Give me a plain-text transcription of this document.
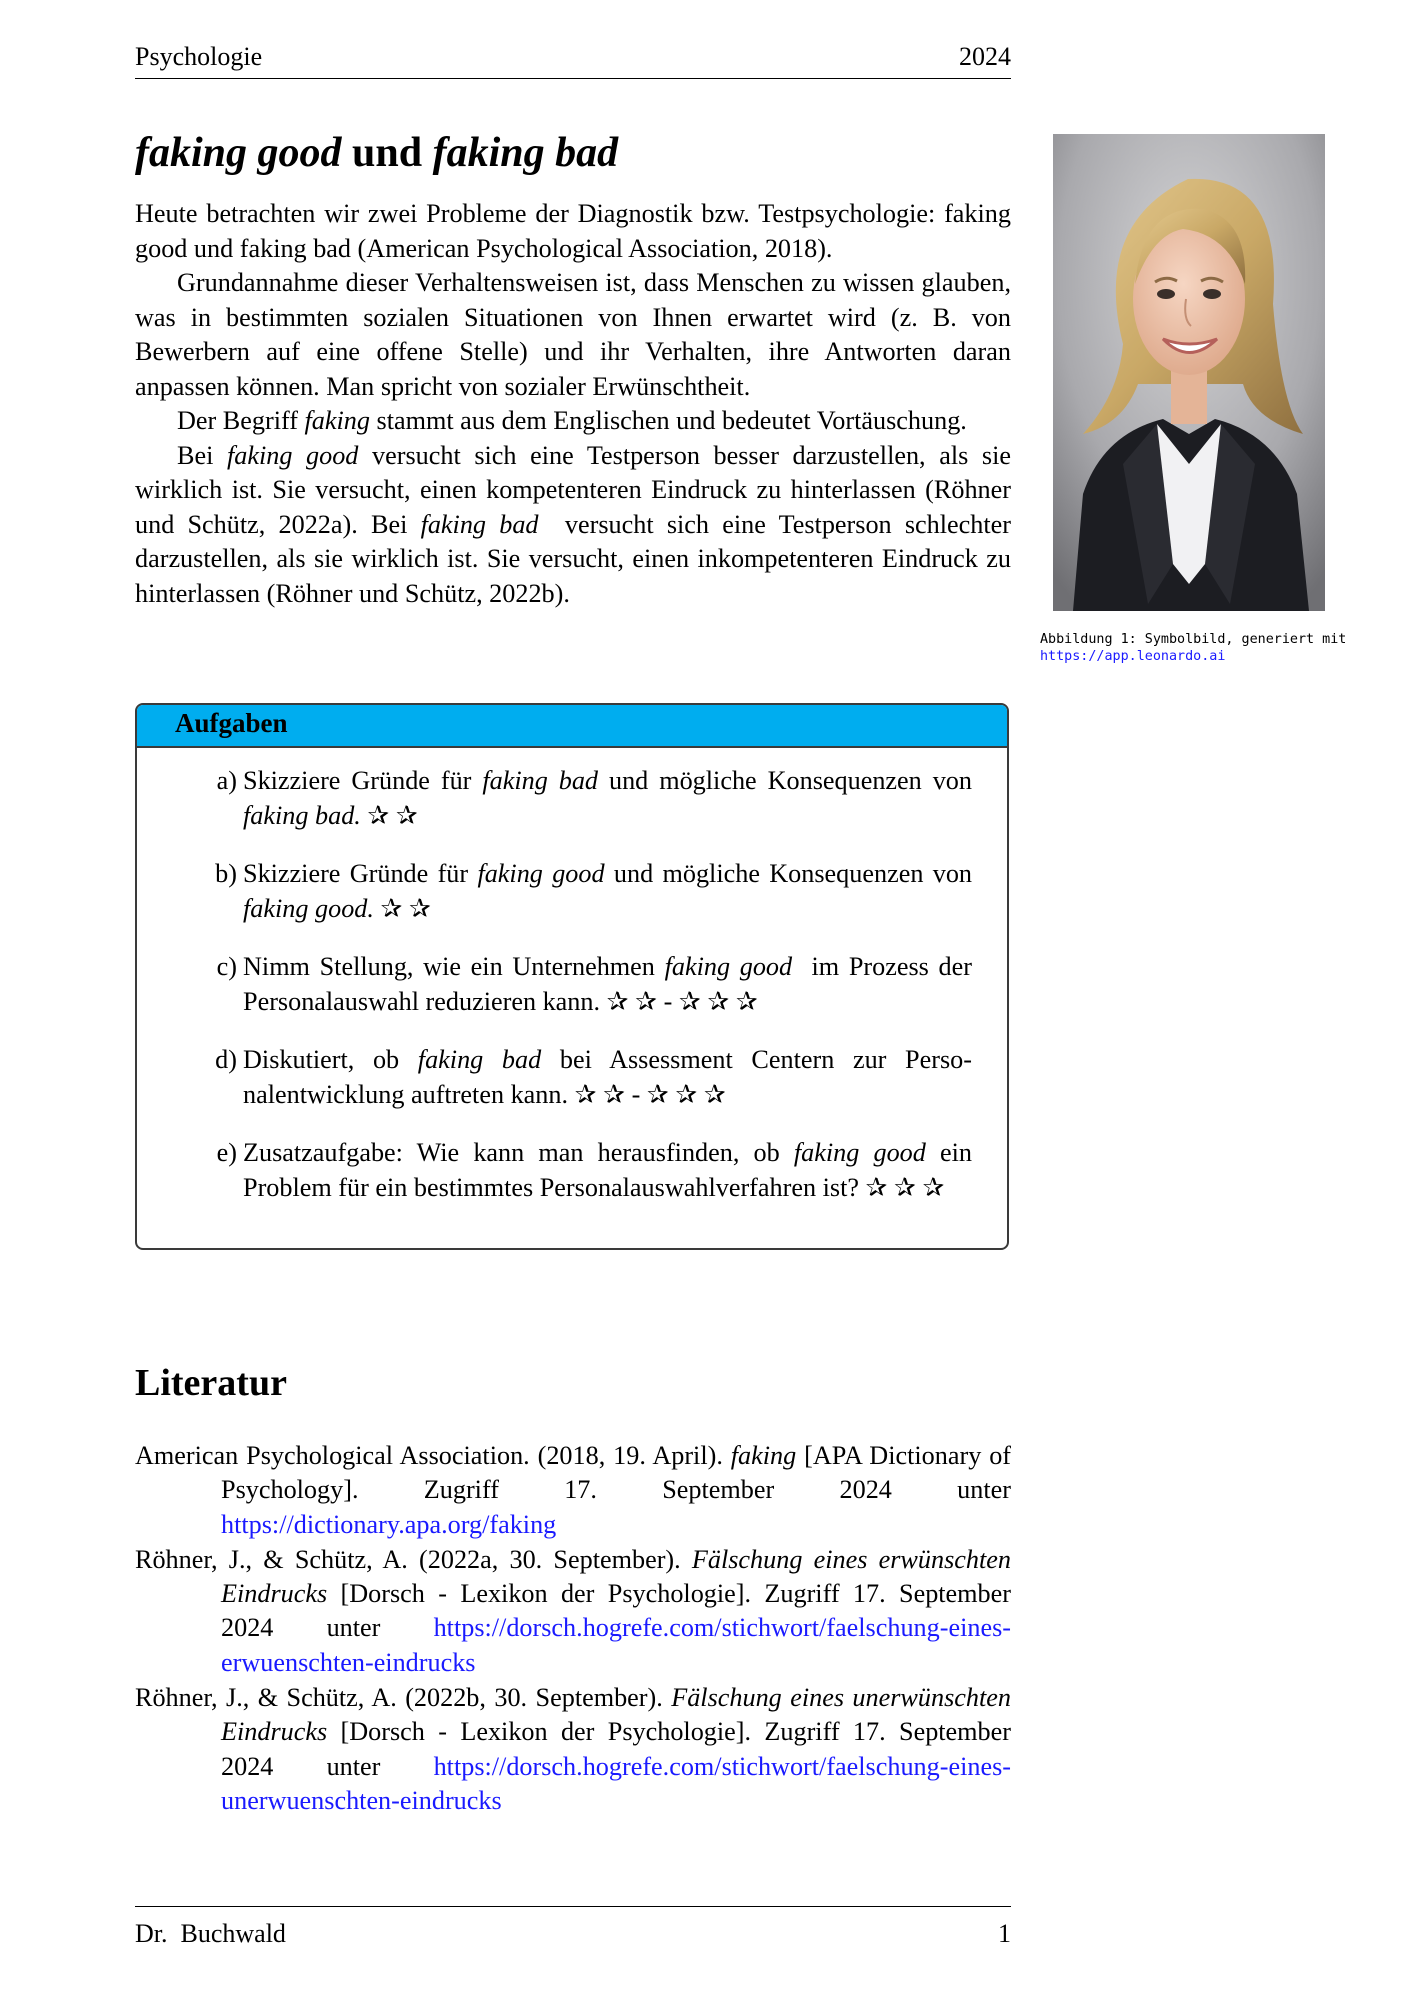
Psychologie	2024
faking good und faking bad

Heute betrachten wir zwei Probleme der Diagnostik bzw. Testpsychologie: faking good und faking bad (American Psychological Association, 2018).

Grundannahme dieser Verhaltensweisen ist, dass Menschen zu wissen glauben, was in bestimmten sozialen Situationen von Ihnen erwartet wird (z. B. von Bewerbern auf eine offene Stelle) und ihr Verhalten, ihre Antworten daran anpassen können. Man spricht von sozialer Erwünschtheit.

Der Begriff faking stammt aus dem Englischen und bedeutet Vortäuschung.

Bei faking good versucht sich eine Testperson besser darzustellen, als sie wirklich ist. Sie versucht, einen kompetenteren Eindruck zu hinterlassen (Röhner und Schütz, 2022a). Bei faking bad  versucht sich eine Testperson schlechter darzustellen, als sie wirklich ist. Sie versucht, einen inkompetenteren Eindruck zu hinterlassen (Röhner und Schütz, 2022b).

Abbildung 1: Symbolbild, generiert mit
https://app.leonardo.ai
Aufgaben
a) Skizziere Gründe für faking bad und mögliche Konsequenzen von faking bad. ✰ ✰
b) Skizziere Gründe für faking good und mögliche Konsequenzen von faking good. ✰ ✰
c) Nimm Stellung, wie ein Unternehmen faking good  im Prozess der Personalauswahl reduzieren kann. ✰ ✰ - ✰ ✰ ✰
d) Diskutiert, ob faking bad bei Assessment Centern zur Personalentwicklung auftreten kann. ✰ ✰ - ✰ ✰ ✰
e) Zusatzaufgabe: Wie kann man herausfinden, ob faking good ein Problem für ein bestimmtes Personalauswahlverfahren ist? ✰ ✰ ✰
Literatur
American Psychological Association. (2018, 19. April). faking [APA Dictionary of Psychology]. Zugriff 17. September 2024 unter https://dictionary.apa.org/faking
Röhner, J., & Schütz, A. (2022a, 30. September). Fälschung eines erwünschten Eindrucks [Dorsch - Lexikon der Psychologie]. Zugriff 17. September 2024 unter https://dorsch.hogrefe.com/stichwort/faelschung-eines-erwuenschten-eindrucks
Röhner, J., & Schütz, A. (2022b, 30. September). Fälschung eines unerwünschten Eindrucks [Dorsch - Lexikon der Psychologie]. Zugriff 17. September 2024 unter https://dorsch.hogrefe.com/stichwort/faelschung-eines-unerwuenschten-eindrucks
Dr.  Buchwald	1
